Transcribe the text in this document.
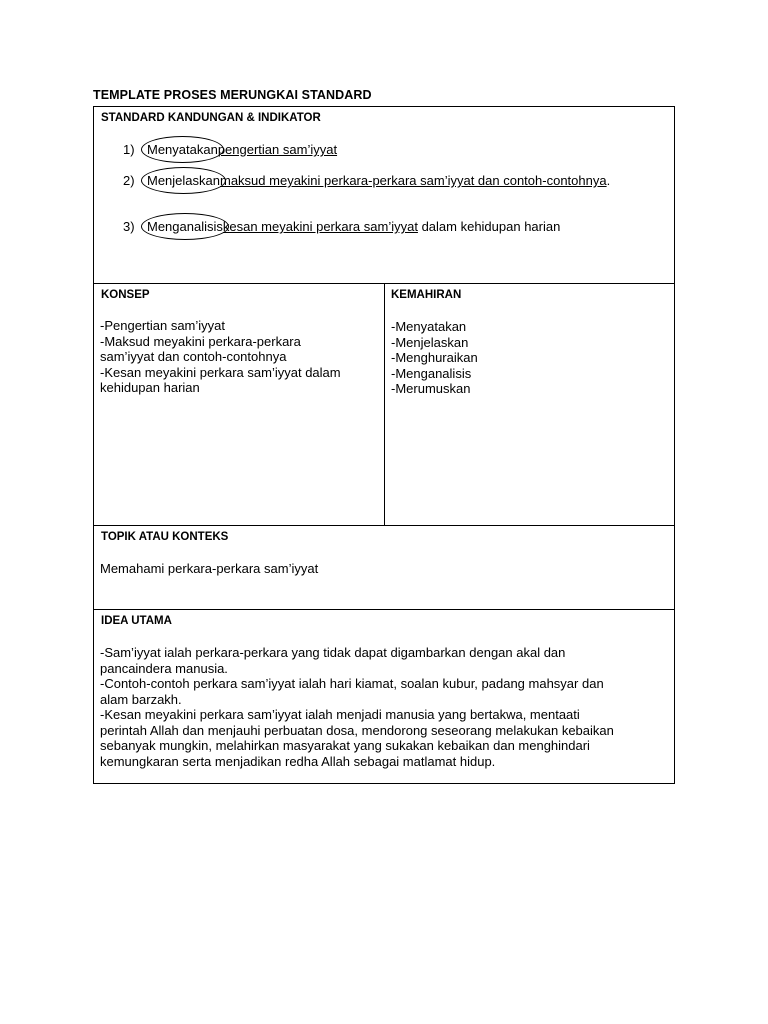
TEMPLATE PROSES MERUNGKAI STANDARD
STANDARD KANDUNGAN & INDIKATOR
1) Menyatakanpengertian sam’iyyat
2) Menjelaskanmaksud meyakini perkara-perkara sam’iyyat dan contoh-contohnya.
3) Menganalisiskesan meyakini perkara sam’iyyat dalam kehidupan harian
KONSEP
-Pengertian sam’iyyat
-Maksud meyakini perkara-perkara
sam’iyyat dan contoh-contohnya
-Kesan meyakini perkara sam’iyyat dalam
kehidupan harian
KEMAHIRAN
-Menyatakan
-Menjelaskan
-Menghuraikan
-Menganalisis
-Merumuskan
TOPIK ATAU KONTEKS
Memahami perkara-perkara sam’iyyat
IDEA UTAMA
-Sam’iyyat ialah perkara-perkara yang tidak dapat digambarkan dengan akal dan
pancaindera manusia.
-Contoh-contoh perkara sam’iyyat ialah hari kiamat, soalan kubur, padang mahsyar dan
alam barzakh.
-Kesan meyakini perkara sam’iyyat ialah menjadi manusia yang bertakwa, mentaati
perintah Allah dan menjauhi perbuatan dosa, mendorong seseorang melakukan kebaikan
sebanyak mungkin, melahirkan masyarakat yang sukakan kebaikan dan menghindari
kemungkaran serta menjadikan redha Allah sebagai matlamat hidup.
